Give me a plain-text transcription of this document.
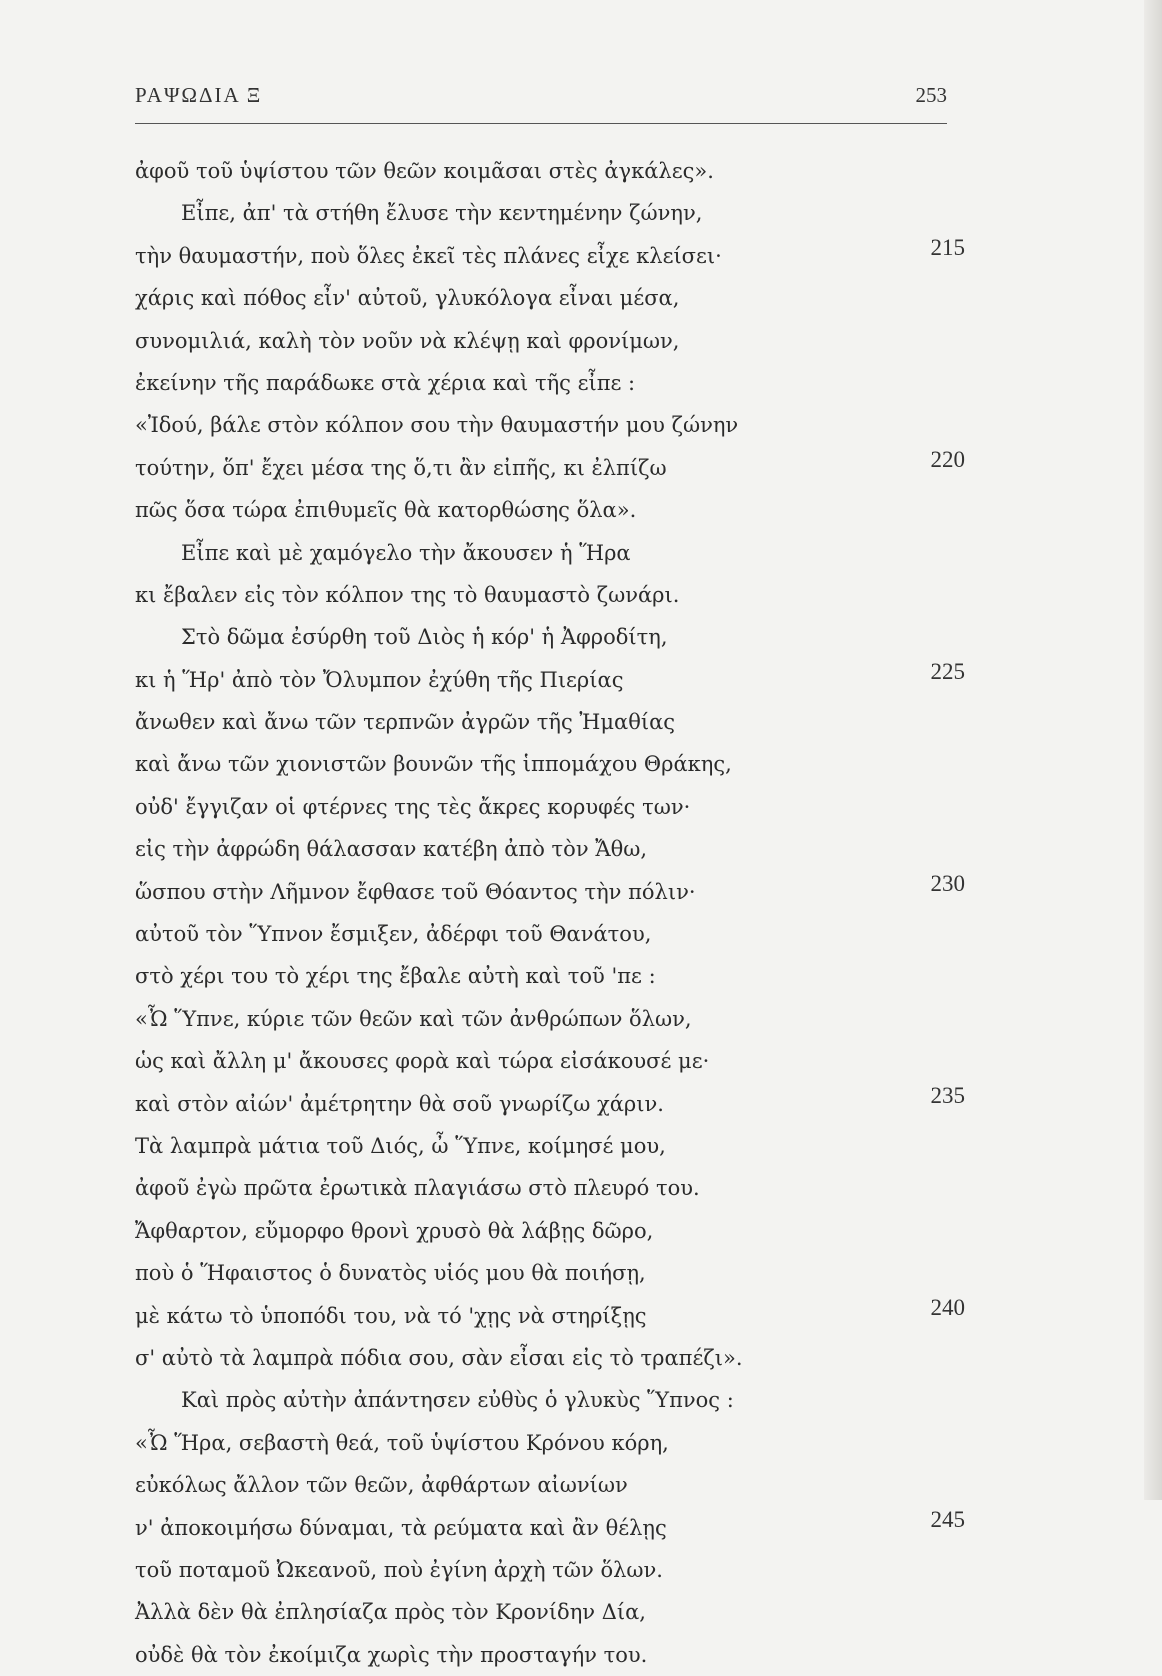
ΡΑΨΩΔΙΑ Ξ	253
ἀφοῦ τοῦ ὑψίστου τῶν θεῶν κοιμᾶσαι στὲς ἀγκάλες».
Εἶπε, ἀπ' τὰ στήθη ἔλυσε τὴν κεντημένην ζώνην,
τὴν θαυμαστήν, ποὺ ὅλες ἐκεῖ τὲς πλάνες εἶχε κλείσει·	215
χάρις καὶ πόθος εἶν' αὐτοῦ, γλυκόλογα εἶναι μέσα,
συνομιλιά, καλὴ τὸν νοῦν νὰ κλέψῃ καὶ φρονίμων,
ἐκείνην τῆς παράδωκε στὰ χέρια καὶ τῆς εἶπε :
«Ἰδού, βάλε στὸν κόλπον σου τὴν θαυμαστήν μου ζώνην
τούτην, ὅπ' ἔχει μέσα της ὅ,τι ἂν εἰπῆς, κι ἐλπίζω	220
πῶς ὅσα τώρα ἐπιθυμεῖς θὰ κατορθώσης ὅλα».
Εἶπε καὶ μὲ χαμόγελο τὴν ἄκουσεν ἡ Ἥρα
κι ἔβαλεν εἰς τὸν κόλπον της τὸ θαυμαστὸ ζωνάρι.
Στὸ δῶμα ἐσύρθη τοῦ Διὸς ἡ κόρ' ἡ Ἀφροδίτη,
κι ἡ Ἥρ' ἀπὸ τὸν Ὄλυμπον ἐχύθη τῆς Πιερίας	225
ἄνωθεν καὶ ἄνω τῶν τερπνῶν ἀγρῶν τῆς Ἠμαθίας
καὶ ἄνω τῶν χιονιστῶν βουνῶν τῆς ἱππομάχου Θράκης,
οὐδ' ἔγγιζαν οἱ φτέρνες της τὲς ἄκρες κορυφές των·
εἰς τὴν ἀφρώδη θάλασσαν κατέβη ἀπὸ τὸν Ἄθω,
ὥσπου στὴν Λῆμνον ἔφθασε τοῦ Θόαντος τὴν πόλιν·	230
αὐτοῦ τὸν Ὕπνον ἔσμιξεν, ἀδέρφι τοῦ Θανάτου,
στὸ χέρι του τὸ χέρι της ἔβαλε αὐτὴ καὶ τοῦ 'πε :
«Ὦ Ὕπνε, κύριε τῶν θεῶν καὶ τῶν ἀνθρώπων ὅλων,
ὡς καὶ ἄλλη μ' ἄκουσες φορὰ καὶ τώρα εἰσάκουσέ με·
καὶ στὸν αἰών' ἀμέτρητην θὰ σοῦ γνωρίζω χάριν.	235
Τὰ λαμπρὰ μάτια τοῦ Διός, ὦ Ὕπνε, κοίμησέ μου,
ἀφοῦ ἐγὼ πρῶτα ἐρωτικὰ πλαγιάσω στὸ πλευρό του.
Ἄφθαρτον, εὔμορφο θρονὶ χρυσὸ θὰ λάβῃς δῶρο,
ποὺ ὁ Ἥφαιστος ὁ δυνατὸς υἱός μου θὰ ποιήσῃ,
μὲ κάτω τὸ ὑποπόδι του, νὰ τό 'χῃς νὰ στηρίξῃς	240
σ' αὐτὸ τὰ λαμπρὰ πόδια σου, σὰν εἶσαι εἰς τὸ τραπέζι».
Καὶ πρὸς αὐτὴν ἀπάντησεν εὐθὺς ὁ γλυκὺς Ὕπνος :
«Ὦ Ἥρα, σεβαστὴ θεά, τοῦ ὑψίστου Κρόνου κόρη,
εὐκόλως ἄλλον τῶν θεῶν, ἀφθάρτων αἰωνίων
ν' ἀποκοιμήσω δύναμαι, τὰ ρεύματα καὶ ἂν θέλῃς	245
τοῦ ποταμοῦ Ὠκεανοῦ, ποὺ ἐγίνη ἀρχὴ τῶν ὅλων.
Ἀλλὰ δὲν θὰ ἐπλησίαζα πρὸς τὸν Κρονίδην Δία,
οὐδὲ θὰ τὸν ἐκοίμιζα χωρὶς τὴν προσταγήν του.
